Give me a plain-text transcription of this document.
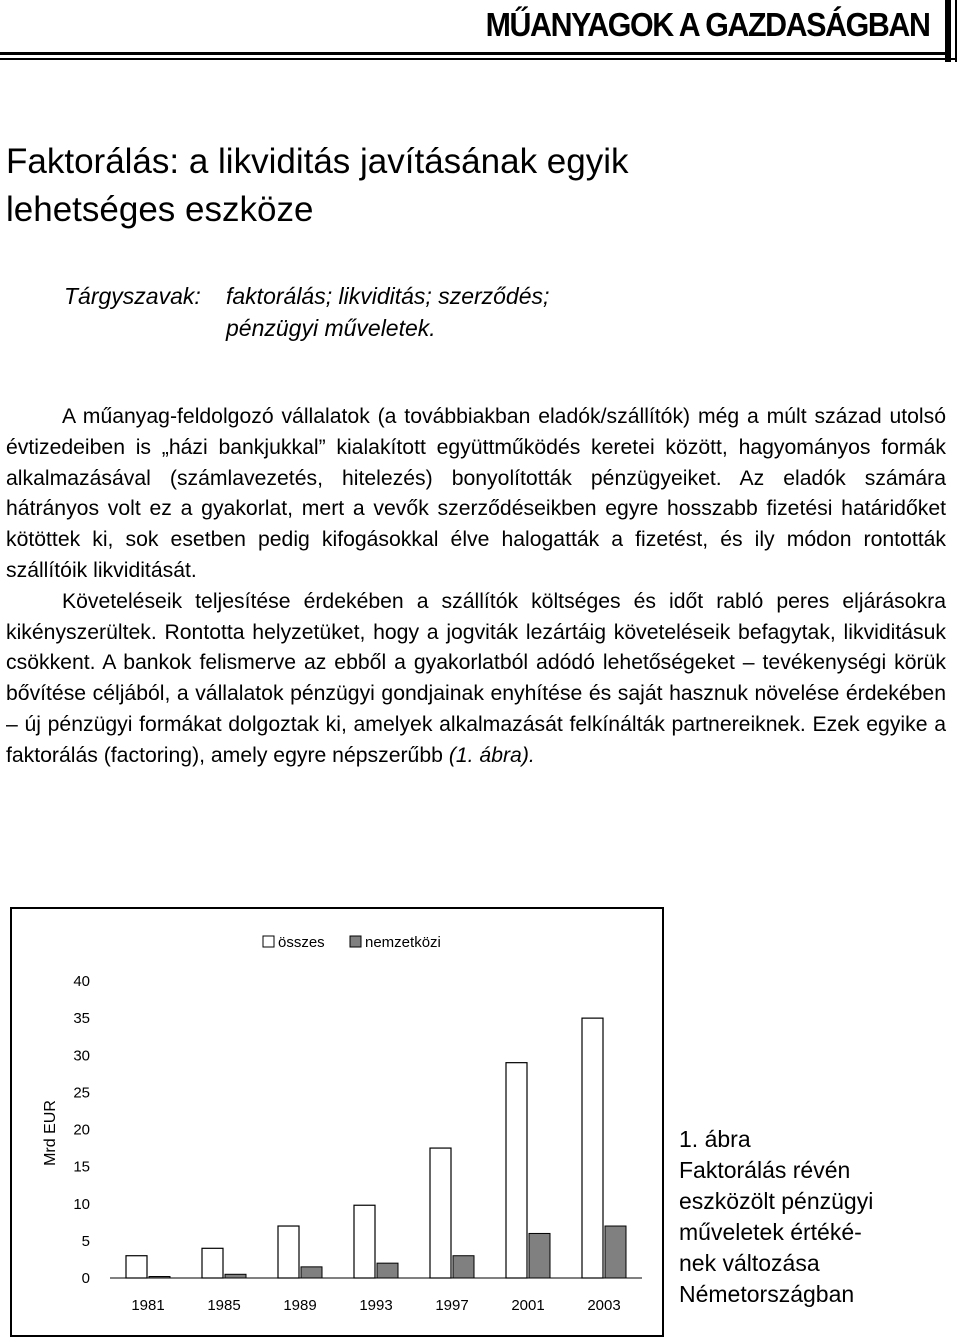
MŰANYAGOK A GAZDASÁGBAN
Faktorálás: a likviditás javításának egyik
lehetséges eszköze
Tárgyszavak: faktorálás; likviditás; szerződés;
pénzügyi műveletek.

A műanyag-feldolgozó vállalatok (a továbbiakban eladók/szállítók) még a múlt század utolsó évtizedeiben is „házi bankjukkal” kialakított együttműködés keretei között, hagyományos formák alkalmazásával (számlavezetés, hitelezés) bonyolították pénzügyeiket. Az eladók számára hátrányos volt ez a gyakorlat, mert a vevők szerződéseikben egyre hosszabb fizetési határidőket kötöttek ki, sok esetben pedig kifogásokkal élve halogatták a fizetést, és ily módon rontották szállítóik likviditását.

Követeléseik teljesítése érdekében a szállítók költséges és időt rabló peres eljárásokra kikényszerültek. Rontotta helyzetüket, hogy a jogviták lezártáig követeléseik befagytak, likviditásuk csökkent. A bankok felismerve az ebből a gyakorlatból adódó lehetőségeket – tevékenységi körük bővítése céljából, a vállalatok pénzügyi gondjainak enyhítése és saját hasznuk növelése érdekében – új pénzügyi formákat dolgoztak ki, amelyek alkalmazását felkínálták partnereiknek. Ezek egyike a faktorálás (factoring), amely egyre népszerűbb (1. ábra).

0
5
10
15
20
25
30
35
40
Mrd EUR
1981	1985	1989	1993	1997	2001	2003
összes	nemzetközi
1. ábra
Faktorálás révén
eszközölt pénzügyi
műveletek értéké-
nek változása
Németországban
